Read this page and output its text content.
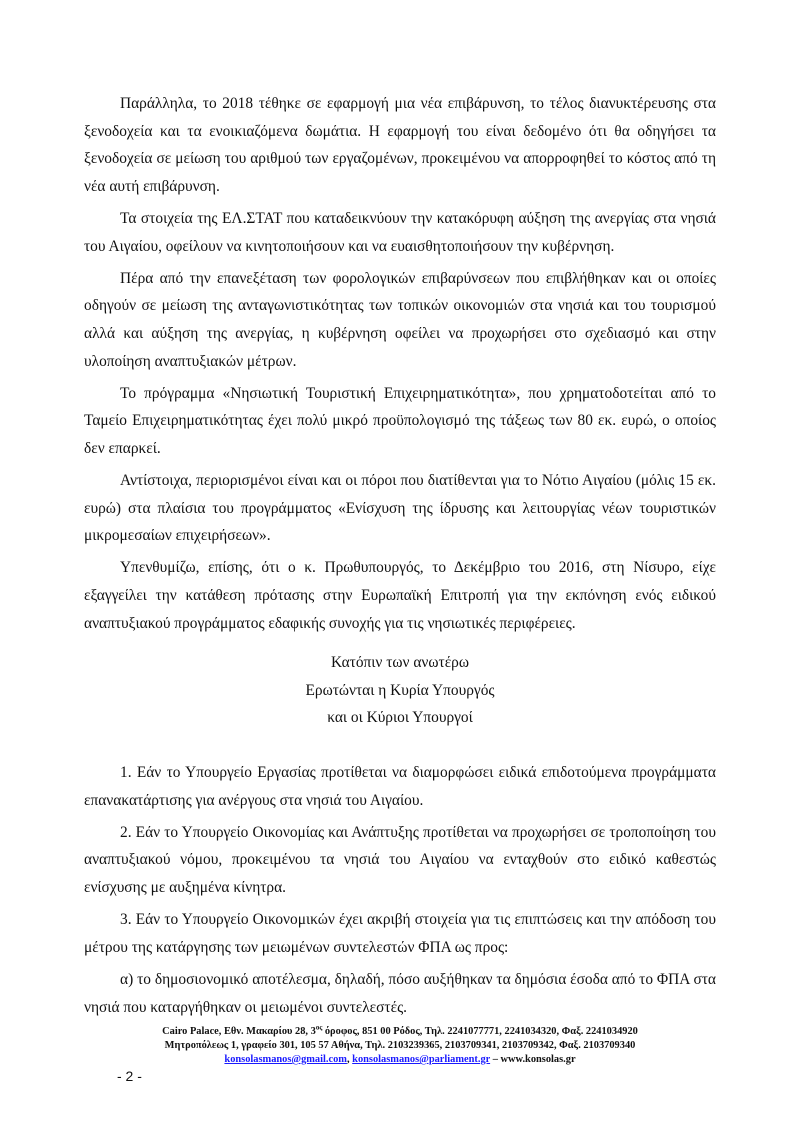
Παράλληλα, το 2018 τέθηκε σε εφαρμογή μια νέα επιβάρυνση, το τέλος διανυκτέρευσης στα ξενοδοχεία και τα ενοικιαζόμενα δωμάτια. Η εφαρμογή του είναι δεδομένο ότι θα οδηγήσει τα ξενοδοχεία σε μείωση του αριθμού των εργαζομένων, προκειμένου να απορροφηθεί το κόστος από τη νέα αυτή επιβάρυνση.

Τα στοιχεία της ΕΛ.ΣΤΑΤ που καταδεικνύουν την κατακόρυφη αύξηση της ανεργίας στα νησιά του Αιγαίου, οφείλουν να κινητοποιήσουν και να ευαισθητοποιήσουν την κυβέρνηση.

Πέρα από την επανεξέταση των φορολογικών επιβαρύνσεων που επιβλήθηκαν και οι οποίες οδηγούν σε μείωση της ανταγωνιστικότητας των τοπικών οικονομιών στα νησιά και του τουρισμού αλλά και αύξηση της ανεργίας, η κυβέρνηση οφείλει να προχωρήσει στο σχεδιασμό και στην υλοποίηση αναπτυξιακών μέτρων.

Το πρόγραμμα «Νησιωτική Τουριστική Επιχειρηματικότητα», που χρηματοδοτείται από το Ταμείο Επιχειρηματικότητας έχει πολύ μικρό προϋπολογισμό της τάξεως των 80 εκ. ευρώ, ο οποίος δεν επαρκεί.

Αντίστοιχα, περιορισμένοι είναι και οι πόροι που διατίθενται για το Νότιο Αιγαίου (μόλις 15 εκ. ευρώ) στα πλαίσια του προγράμματος «Ενίσχυση της ίδρυσης και λειτουργίας νέων τουριστικών μικρομεσαίων επιχειρήσεων».

Υπενθυμίζω, επίσης, ότι ο κ. Πρωθυπουργός, το Δεκέμβριο του 2016, στη Νίσυρο, είχε εξαγγείλει την κατάθεση πρότασης στην Ευρωπαϊκή Επιτροπή για την εκπόνηση ενός ειδικού αναπτυξιακού προγράμματος εδαφικής συνοχής για τις νησιωτικές περιφέρειες.

Κατόπιν των ανωτέρω
Ερωτώνται η Κυρία Υπουργός
και οι Κύριοι Υπουργοί

1. Εάν το Υπουργείο Εργασίας προτίθεται να διαμορφώσει ειδικά επιδοτούμενα προγράμματα επανακατάρτισης για ανέργους στα νησιά του Αιγαίου.

2. Εάν το Υπουργείο Οικονομίας και Ανάπτυξης προτίθεται να προχωρήσει σε τροποποίηση του αναπτυξιακού νόμου, προκειμένου τα νησιά του Αιγαίου να ενταχθούν στο ειδικό καθεστώς ενίσχυσης με αυξημένα κίνητρα.

3. Εάν το Υπουργείο Οικονομικών έχει ακριβή στοιχεία για τις επιπτώσεις και την απόδοση του μέτρου της κατάργησης των μειωμένων συντελεστών ΦΠΑ ως προς:

α) το δημοσιονομικό αποτέλεσμα, δηλαδή, πόσο αυξήθηκαν τα δημόσια έσοδα από το ΦΠΑ στα νησιά που καταργήθηκαν οι μειωμένοι συντελεστές.

Cairo Palace, Εθν. Μακαρίου 28, $3^{o\varsigma}$ όροφος, 851 00 Ρόδος, Τηλ. 2241077771, 2241034320, Φαξ. 2241034920
Μητροπόλεως 1, γραφείο 301, 105 57 Αθήνα, Τηλ. 2103239365, 2103709341, 2103709342, Φαξ. 2103709340
konsolasmanos@gmail.com, konsolasmanos@parliament.gr – www.konsolas.gr
- 2 -
